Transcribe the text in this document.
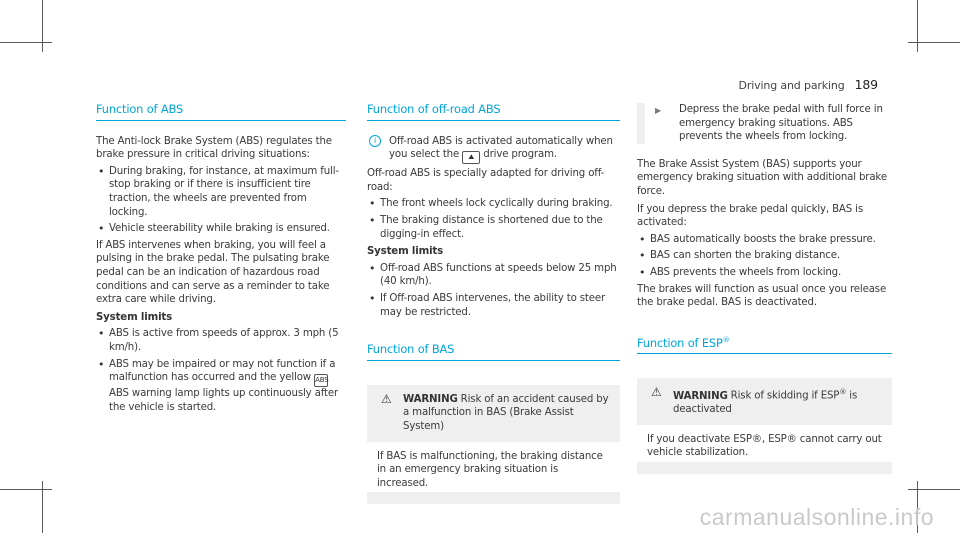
Driving and parking 189
Function of ABS

The Anti-lock Brake System (ABS) regulates the brake pressure in critical driving situations:

• During braking, for instance, at maximum full-stop braking or if there is insufficient tire traction, the wheels are prevented from locking.
• Vehicle steerability while braking is ensured.

If ABS intervenes when braking, you will feel a pulsing in the brake pedal. The pulsating brake pedal can be an indication of hazardous road conditions and can serve as a reminder to take extra care while driving.

System limits
• ABS is active from speeds of approx. 3 mph (5 km/h).
• ABS may be impaired or may not function if a malfunction has occurred and the yellow ABS ABS warning lamp lights up continuously after the vehicle is started.
Function of off-road ABS
i	Off-road ABS is activated automatically when you select the ⛰ drive program.

Off-road ABS is specially adapted for driving off-road:

• The front wheels lock cyclically during braking.
• The braking distance is shortened due to the digging-in effect.
System limits
• Off-road ABS functions at speeds below 25 mph (40 km/h).
• If Off-road ABS intervenes, the ability to steer may be restricted.
Function of BAS
⚠ WARNING Risk of an accident caused by a malfunction in BAS (Brake Assist System)
If BAS is malfunctioning, the braking distance in an emergency braking situation is increased.
▶ Depress the brake pedal with full force in emergency braking situations. ABS prevents the wheels from locking.

The Brake Assist System (BAS) supports your emergency braking situation with additional brake force.

If you depress the brake pedal quickly, BAS is activated:

• BAS automatically boosts the brake pressure.
• BAS can shorten the braking distance.
• ABS prevents the wheels from locking.

The brakes will function as usual once you release the brake pedal. BAS is deactivated.

Function of ESP®
⚠ WARNING Risk of skidding if ESP® is deactivated
If you deactivate ESP®, ESP® cannot carry out vehicle stabilization.
carmanualsonline.info
